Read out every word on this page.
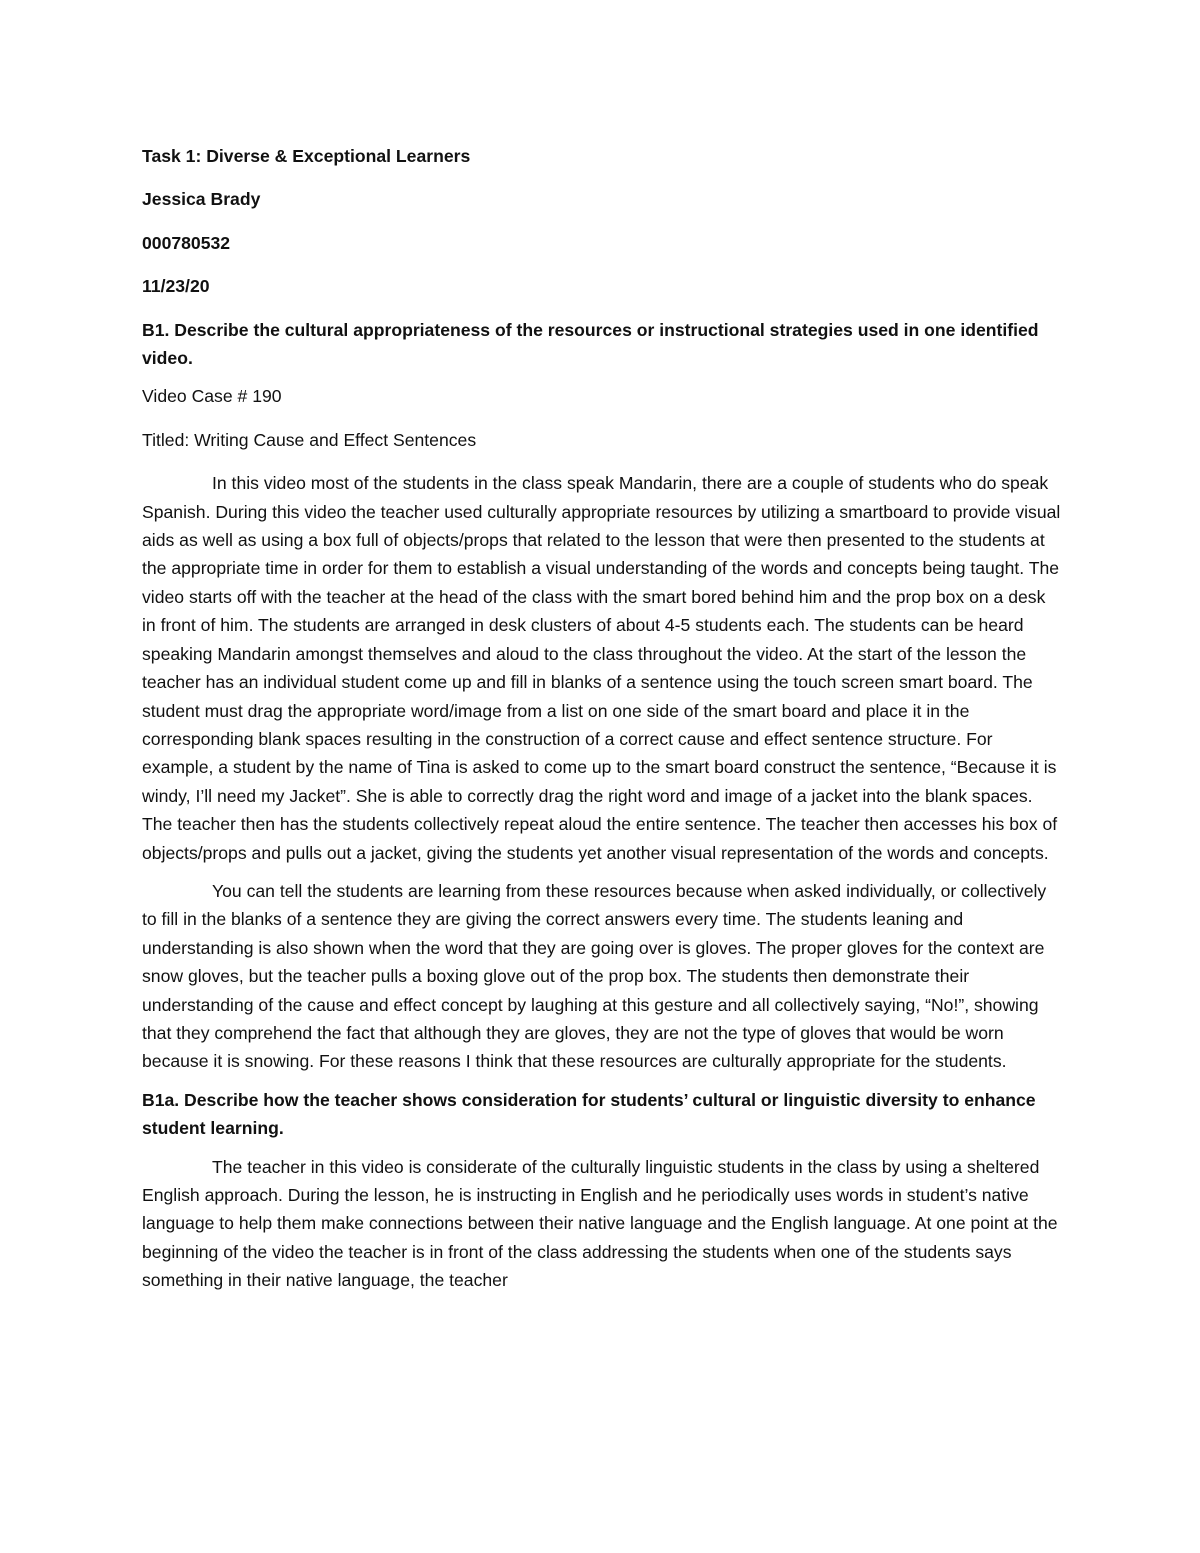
Task 1: Diverse & Exceptional Learners

Jessica Brady

000780532

11/23/20

B1. Describe the cultural appropriateness of the resources or instructional strategies used in one identified video.

Video Case # 190

Titled: Writing Cause and Effect Sentences

In this video most of the students in the class speak Mandarin, there are a couple of students who do speak Spanish. During this video the teacher used culturally appropriate resources by utilizing a smartboard to provide visual aids as well as using a box full of objects/props that related to the lesson that were then presented to the students at the appropriate time in order for them to establish a visual understanding of the words and concepts being taught. The video starts off with the teacher at the head of the class with the smart bored behind him and the prop box on a desk in front of him. The students are arranged in desk clusters of about 4-5 students each. The students can be heard speaking Mandarin amongst themselves and aloud to the class throughout the video. At the start of the lesson the teacher has an individual student come up and fill in blanks of a sentence using the touch screen smart board. The student must drag the appropriate word/image from a list on one side of the smart board and place it in the corresponding blank spaces resulting in the construction of a correct cause and effect sentence structure. For example, a student by the name of Tina is asked to come up to the smart board construct the sentence, “Because it is windy, I’ll need my Jacket”. She is able to correctly drag the right word and image of a jacket into the blank spaces. The teacher then has the students collectively repeat aloud the entire sentence. The teacher then accesses his box of objects/props and pulls out a jacket, giving the students yet another visual representation of the words and concepts.

You can tell the students are learning from these resources because when asked individually, or collectively to fill in the blanks of a sentence they are giving the correct answers every time. The students leaning and understanding is also shown when the word that they are going over is gloves. The proper gloves for the context are snow gloves, but the teacher pulls a boxing glove out of the prop box. The students then demonstrate their understanding of the cause and effect concept by laughing at this gesture and all collectively saying, “No!”, showing that they comprehend the fact that although they are gloves, they are not the type of gloves that would be worn because it is snowing. For these reasons I think that these resources are culturally appropriate for the students.

B1a. Describe how the teacher shows consideration for students’ cultural or linguistic diversity to enhance student learning.

The teacher in this video is considerate of the culturally linguistic students in the class by using a sheltered English approach. During the lesson, he is instructing in English and he periodically uses words in student’s native language to help them make connections between their native language and the English language. At one point at the beginning of the video the teacher is in front of the class addressing the students when one of the students says something in their native language, the teacher
